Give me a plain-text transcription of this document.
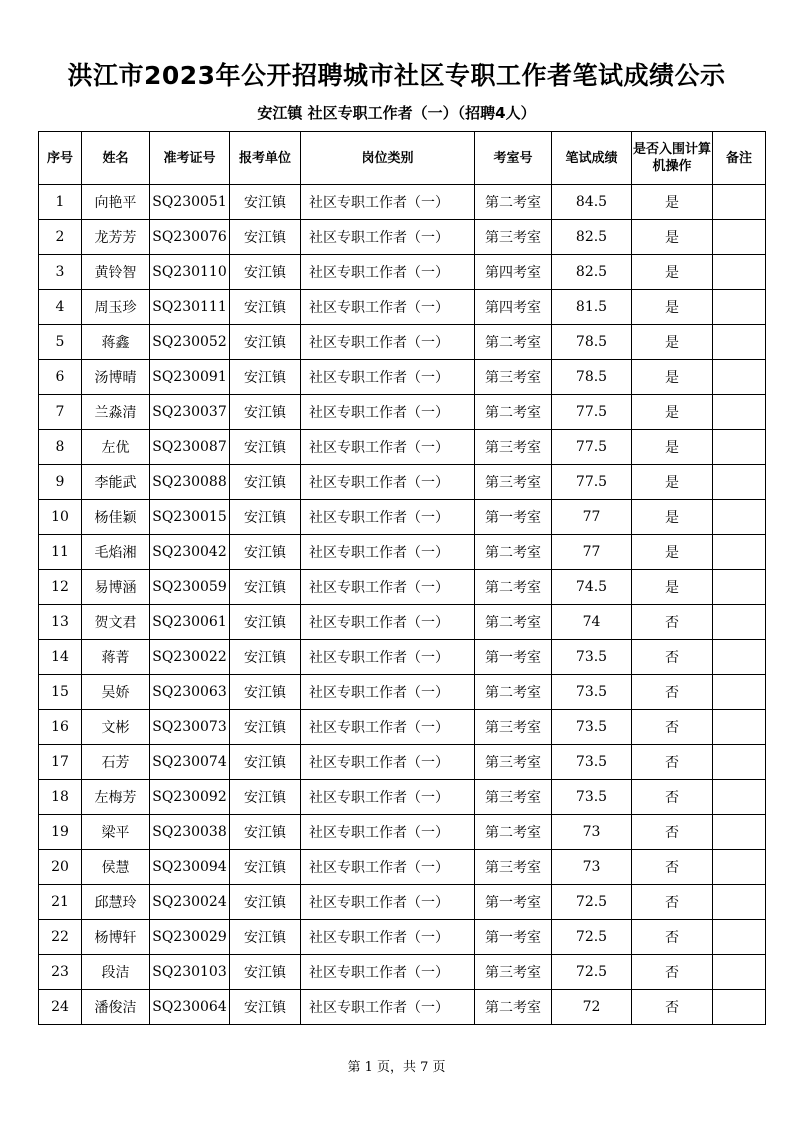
洪江市2023年公开招聘城市社区专职工作者笔试成绩公示
安江镇 社区专职工作者（一）（招聘4人）
序号	姓名	准考证号	报考单位	岗位类别	考室号	笔试成绩	是否入围计算机操作	备注
1	向艳平	SQ230051	安江镇	社区专职工作者（一）	第二考室	84.5	是	
2	龙芳芳	SQ230076	安江镇	社区专职工作者（一）	第三考室	82.5	是	
3	黄铃智	SQ230110	安江镇	社区专职工作者（一）	第四考室	82.5	是	
4	周玉珍	SQ230111	安江镇	社区专职工作者（一）	第四考室	81.5	是	
5	蒋鑫	SQ230052	安江镇	社区专职工作者（一）	第二考室	78.5	是	
6	汤博晴	SQ230091	安江镇	社区专职工作者（一）	第三考室	78.5	是	
7	兰淼清	SQ230037	安江镇	社区专职工作者（一）	第二考室	77.5	是	
8	左优	SQ230087	安江镇	社区专职工作者（一）	第三考室	77.5	是	
9	李能武	SQ230088	安江镇	社区专职工作者（一）	第三考室	77.5	是	
10	杨佳颖	SQ230015	安江镇	社区专职工作者（一）	第一考室	77	是	
11	毛焰湘	SQ230042	安江镇	社区专职工作者（一）	第二考室	77	是	
12	易博涵	SQ230059	安江镇	社区专职工作者（一）	第二考室	74.5	是	
13	贺文君	SQ230061	安江镇	社区专职工作者（一）	第二考室	74	否	
14	蒋菁	SQ230022	安江镇	社区专职工作者（一）	第一考室	73.5	否	
15	吴娇	SQ230063	安江镇	社区专职工作者（一）	第二考室	73.5	否	
16	文彬	SQ230073	安江镇	社区专职工作者（一）	第三考室	73.5	否	
17	石芳	SQ230074	安江镇	社区专职工作者（一）	第三考室	73.5	否	
18	左梅芳	SQ230092	安江镇	社区专职工作者（一）	第三考室	73.5	否	
19	梁平	SQ230038	安江镇	社区专职工作者（一）	第二考室	73	否	
20	侯慧	SQ230094	安江镇	社区专职工作者（一）	第三考室	73	否	
21	邱慧玲	SQ230024	安江镇	社区专职工作者（一）	第一考室	72.5	否	
22	杨博轩	SQ230029	安江镇	社区专职工作者（一）	第一考室	72.5	否	
23	段洁	SQ230103	安江镇	社区专职工作者（一）	第三考室	72.5	否	
24	潘俊洁	SQ230064	安江镇	社区专职工作者（一）	第二考室	72	否	
第 1 页，共 7 页
